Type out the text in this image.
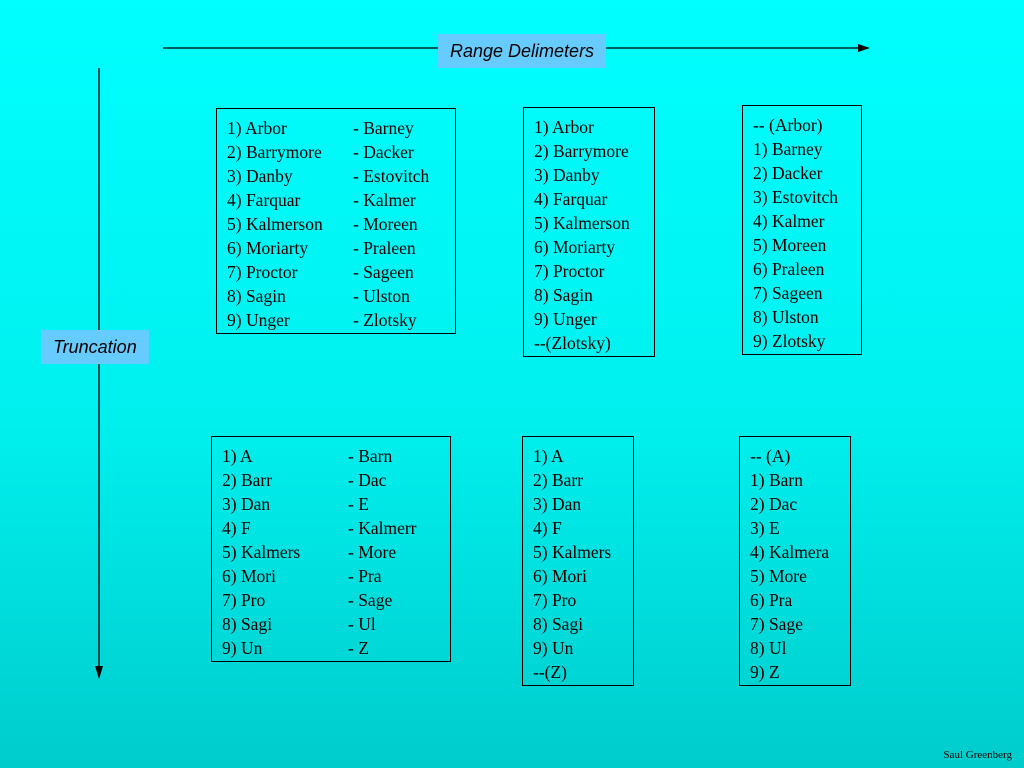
Range Delimeters
Truncation
1) Arbor	- Barney
2) Barrymore - Dacker
3) Danby	- Estovitch
4) Farquar	- Kalmer
5) Kalmerson - Moreen
6) Moriarty	- Praleen
7) Proctor	- Sageen
8) Sagin	- Ulston
9) Unger	- Zlotsky
1) Arbor
2) Barrymore
3) Danby
4) Farquar
5) Kalmerson
6) Moriarty
7) Proctor
8) Sagin
9) Unger
--(Zlotsky)
-- (Arbor)
1) Barney
2) Dacker
3) Estovitch
4) Kalmer
5) Moreen
6) Praleen
7) Sageen
8) Ulston
9) Zlotsky
1) A	- Barn
2) Barr	- Dac
3) Dan	- E
4) F	- Kalmerr
5) Kalmers	- More
6) Mori	- Pra
7) Pro	- Sage
8) Sagi	- Ul
9) Un	- Z
1) A
2) Barr
3) Dan
4) F
5) Kalmers
6) Mori
7) Pro
8) Sagi
9) Un
--(Z)
-- (A)
1) Barn
2) Dac
3) E
4) Kalmera
5) More
6) Pra
7) Sage
8) Ul
9) Z
Saul Greenberg
